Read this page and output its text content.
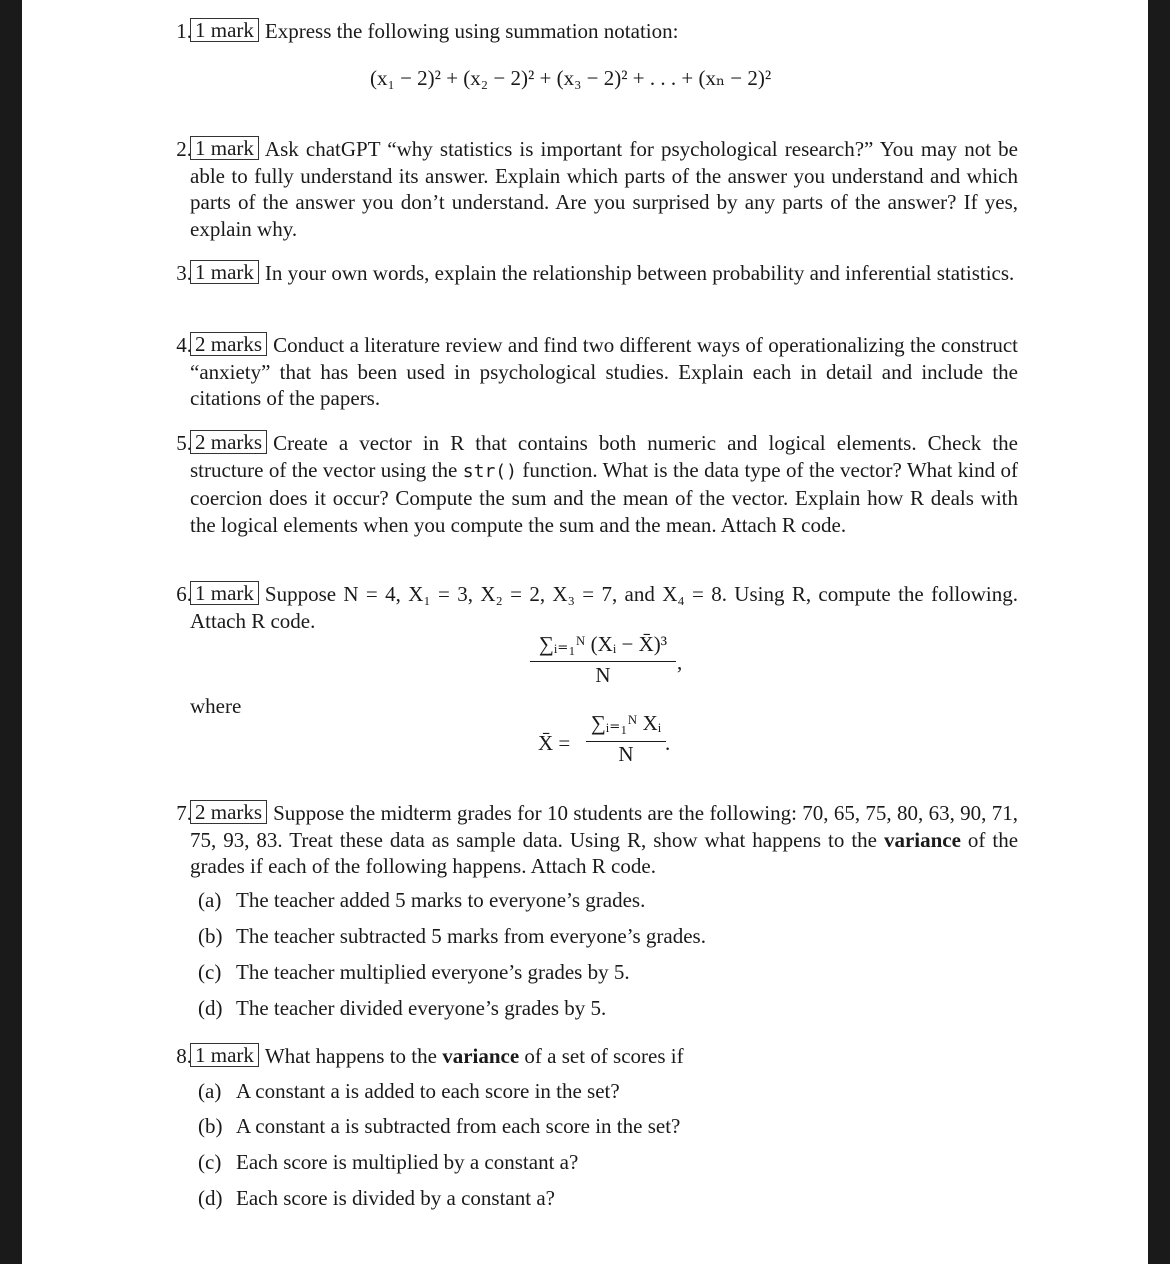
1. 1 mark Express the following using summation notation:
(x₁ − 2)² + (x₂ − 2)² + (x₃ − 2)² + . . . + (xₙ − 2)²
2. 1 mark Ask chatGPT “why statistics is important for psychological research?” You may not be able to fully understand its answer. Explain which parts of the answer you understand and which parts of the answer you don’t understand. Are you surprised by any parts of the answer? If yes, explain why.
3. 1 mark In your own words, explain the relationship between probability and inferential statistics.
4. 2 marks Conduct a literature review and find two different ways of operationalizing the construct “anxiety” that has been used in psychological studies. Explain each in detail and include the citations of the papers.
5. 2 marks Create a vector in R that contains both numeric and logical elements. Check the structure of the vector using the str() function. What is the data type of the vector? What kind of coercion does it occur? Compute the sum and the mean of the vector. Explain how R deals with the logical elements when you compute the sum and the mean. Attach R code.
6. 1 mark Suppose N = 4, X₁ = 3, X₂ = 2, X₃ = 7, and X₄ = 8. Using R, compute the following. Attach R code.
∑ᵢ₌₁ᴺ (Xᵢ − X̄)³
N
,
where
X̄ =
∑ᵢ₌₁ᴺ Xᵢ
N	.
7. 2 marks Suppose the midterm grades for 10 students are the following: 70, 65, 75, 80, 63, 90, 71, 75, 93, 83. Treat these data as sample data. Using R, show what happens to the variance of the grades if each of the following happens. Attach R code.
(a) The teacher added 5 marks to everyone’s grades.
(b) The teacher subtracted 5 marks from everyone’s grades.
(c) The teacher multiplied everyone’s grades by 5.
(d) The teacher divided everyone’s grades by 5.
8. 1 mark What happens to the variance of a set of scores if
(a) A constant a is added to each score in the set?
(b) A constant a is subtracted from each score in the set?
(c) Each score is multiplied by a constant a?
(d) Each score is divided by a constant a?
